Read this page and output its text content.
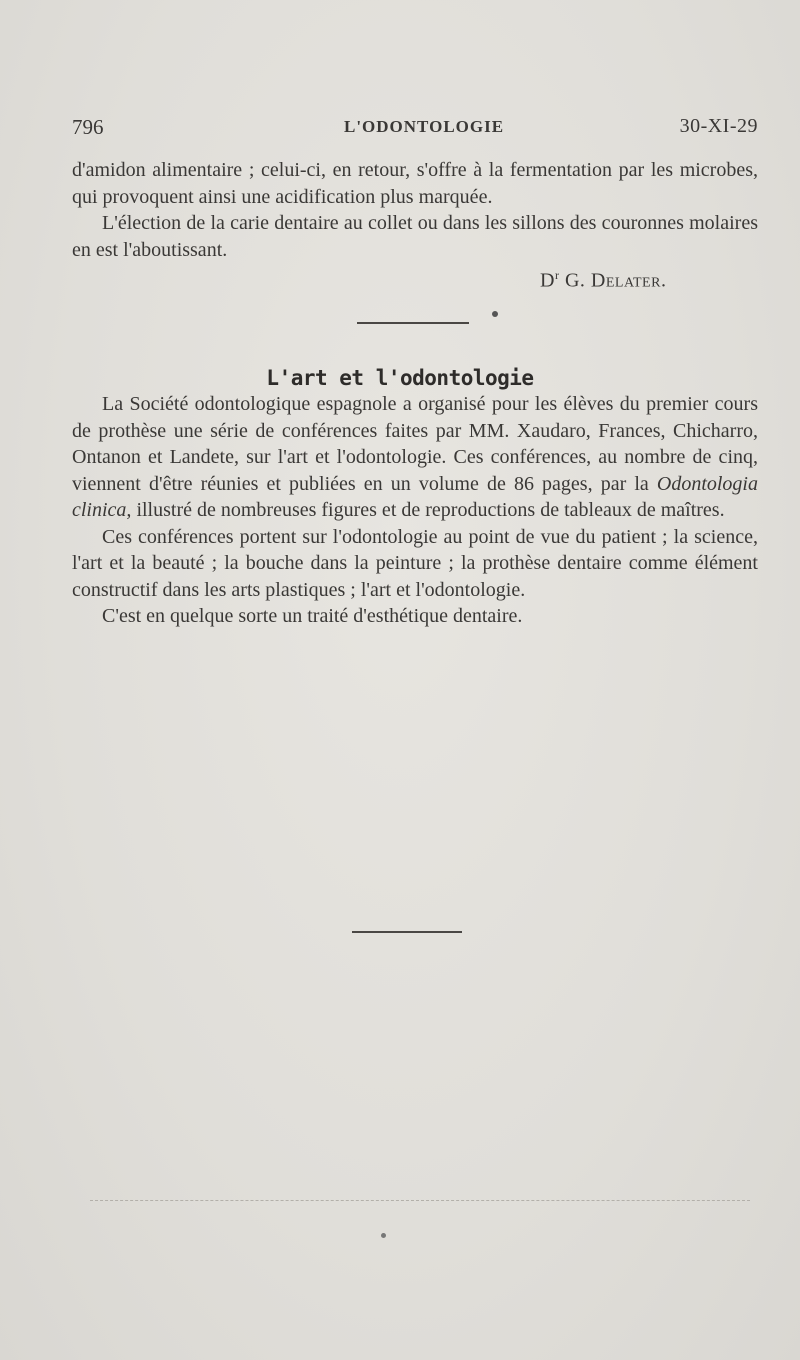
796	L'ODONTOLOGIE	30-XI-29

d'amidon alimentaire ; celui-ci, en retour, s'offre à la fermentation par les microbes, qui provoquent ainsi une acidification plus marquée.

L'élection de la carie dentaire au collet ou dans les sillons des couronnes molaires en est l'aboutissant.

$D^r$ G. Delater.
L'art et l'odontologie

La Société odontologique espagnole a organisé pour les élèves du premier cours de prothèse une série de conférences faites par MM. Xaudaro, Frances, Chicharro, Ontanon et Landete, sur l'art et l'odontologie. Ces conférences, au nombre de cinq, viennent d'être réunies et publiées en un volume de 86 pages, par la Odontologia clinica, illustré de nombreuses figures et de reproductions de tableaux de maîtres.

Ces conférences portent sur l'odontologie au point de vue du patient ; la science, l'art et la beauté ; la bouche dans la peinture ; la prothèse dentaire comme élément constructif dans les arts plastiques ; l'art et l'odontologie.

C'est en quelque sorte un traité d'esthétique dentaire.
